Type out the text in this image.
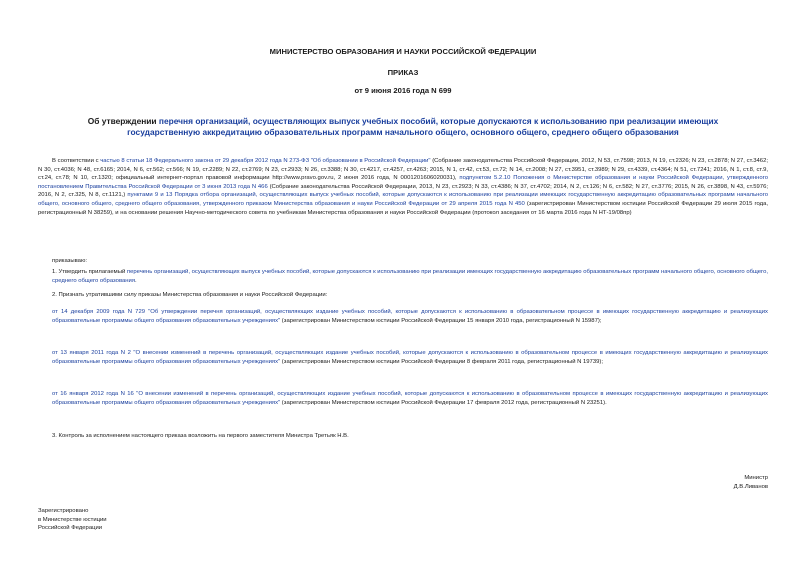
МИНИСТЕРСТВО ОБРАЗОВАНИЯ И НАУКИ РОССИЙСКОЙ ФЕДЕРАЦИИ
ПРИКАЗ
от 9 июня 2016 года N 699
Об утверждении перечня организаций, осуществляющих выпуск учебных пособий, которые допускаются к использованию при реализации имеющих государственную аккредитацию образовательных программ начального общего, основного общего, среднего общего образования
В соответствии с частью 8 статьи 18 Федерального закона от 29 декабря 2012 года N 273-ФЗ "Об образовании в Российской Федерации" (Собрание законодательства Российской Федерации, 2012, N 53, ст.7598; 2013, N 19, ст.2326; N 23, ст.2878; N 27, ст.3462; N 30, ст.4036; N 48, ст.6165; 2014, N 6, ст.562; ст.566; N 19, ст.2289; N 22, ст.2769; N 23, ст.2933; N 26, ст.3388; N 30, ст.4217, ст.4257, ст.4263; 2015, N 1, ст.42, ст.53, ст.72; N 14, ст.2008; N 27, ст.3951, ст.3989; N 29, ст.4339, ст.4364; N 51, ст.7241; 2016, N 1, ст.8, ст.9, ст.24, ст.78; N 10, ст.1320; официальный интернет-портал правовой информации http://www.pravo.gov.ru, 2 июня 2016 года, N 0001201606020031), подпунктом 5.2.10 Положения о Министерстве образования и науки Российской Федерации, утвержденного постановлением Правительства Российской Федерации от 3 июня 2013 года N 466 (Собрание законодательства Российской Федерации, 2013, N 23, ст.2923; N 33, ст.4386; N 37, ст.4702; 2014, N 2, ст.126; N 6, ст.582; N 27, ст.3776; 2015, N 26, ст.3898, N 43, ст.5976; 2016, N 2, ст.325, N 8, ст.1121,) пунктами 9 и 13 Порядка отбора организаций, осуществляющих выпуск учебных пособий, которые допускаются к использованию при реализации имеющих государственную аккредитацию образовательных программ начального общего, основного общего, среднего общего образования, утвержденного приказом Министерства образования и науки Российской Федерации от 29 апреля 2015 года N 450 (зарегистрирован Министерством юстиции Российской Федерации 29 июля 2015 года, регистрационный N 38259), и на основании решения Научно-методического совета по учебникам Министерства образования и науки Российской Федерации (протокол заседания от 16 марта 2016 года N НТ-19/08пр)
приказываю:
1. Утвердить прилагаемый перечень организаций, осуществляющих выпуск учебных пособий, которые допускаются к использованию при реализации имеющих государственную аккредитацию образовательных программ начального общего, основного общего, среднего общего образования.
2. Признать утратившими силу приказы Министерства образования и науки Российской Федерации:
от 14 декабря 2009 года N 729 "Об утверждении перечня организаций, осуществляющих издание учебных пособий, которые допускаются к использованию в образовательном процессе в имеющих государственную аккредитацию и реализующих образовательные программы общего образования образовательных учреждениях" (зарегистрирован Министерством юстиции Российской Федерации 15 января 2010 года, регистрационный N 15987);
от 13 января 2011 года N 2 "О внесении изменений в перечень организаций, осуществляющих издание учебных пособий, которые допускаются к использованию в образовательном процессе в имеющих государственную аккредитацию и реализующих образовательные программы общего образования образовательных учреждениях" (зарегистрирован Министерством юстиции Российской Федерации 8 февраля 2011 года, регистрационный N 19739);
от 16 января 2012 года N 16 "О внесении изменений в перечень организаций, осуществляющих издание учебных пособий, которые допускаются к использованию в образовательном процессе в имеющих государственную аккредитацию и реализующих образовательные программы общего образования образовательных учреждениях" (зарегистрирован Министерством юстиции Российской Федерации 17 февраля 2012 года, регистрационный N 23251).
3. Контроль за исполнением настоящего приказа возложить на первого заместителя Министра Третьяк Н.В.
Министр
Д.В.Ливанов
Зарегистрировано
в Министерстве юстиции
Российской Федерации
